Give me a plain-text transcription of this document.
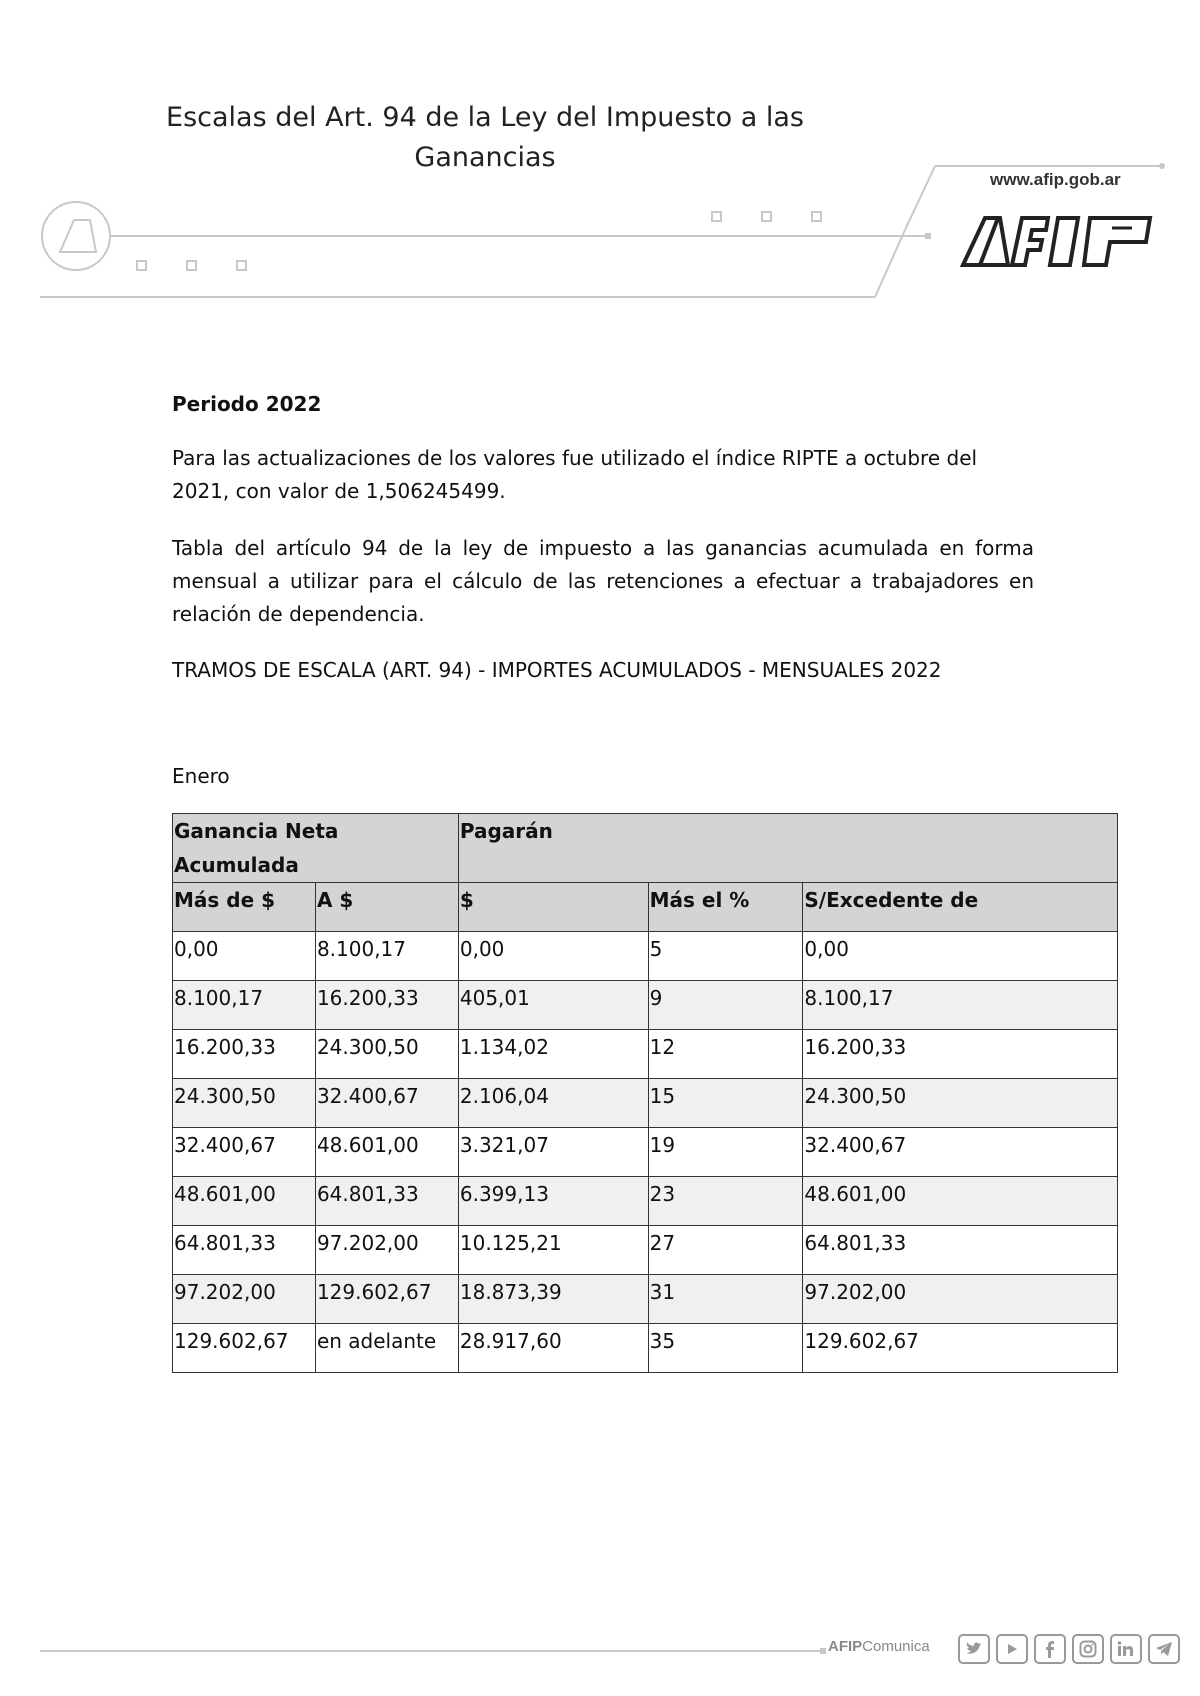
Escalas del Art. 94 de la Ley del Impuesto a las Ganancias
www.afip.gob.ar
Periodo 2022
Para las actualizaciones de los valores fue utilizado el índice RIPTE a octubre del 2021, con valor de 1,506245499.
Tabla del artículo 94 de la ley de impuesto a las ganancias acumulada en forma mensual a utilizar para el cálculo de las retenciones a efectuar a trabajadores en relación de dependencia.
TRAMOS DE ESCALA (ART. 94) - IMPORTES ACUMULADOS - MENSUALES 2022
Enero
Ganancia Neta Acumulada		Pagarán		
Más de $	A $	$	Más el %	S/Excedente de
0,00	8.100,17	0,00	5	0,00
8.100,17	16.200,33	405,01	9	8.100,17
16.200,33	24.300,50	1.134,02	12	16.200,33
24.300,50	32.400,67	2.106,04	15	24.300,50
32.400,67	48.601,00	3.321,07	19	32.400,67
48.601,00	64.801,33	6.399,13	23	48.601,00
64.801,33	97.202,00	10.125,21	27	64.801,33
97.202,00	129.602,67	18.873,39	31	97.202,00
129.602,67	en adelante	28.917,60	35	129.602,67
AFIPComunica
